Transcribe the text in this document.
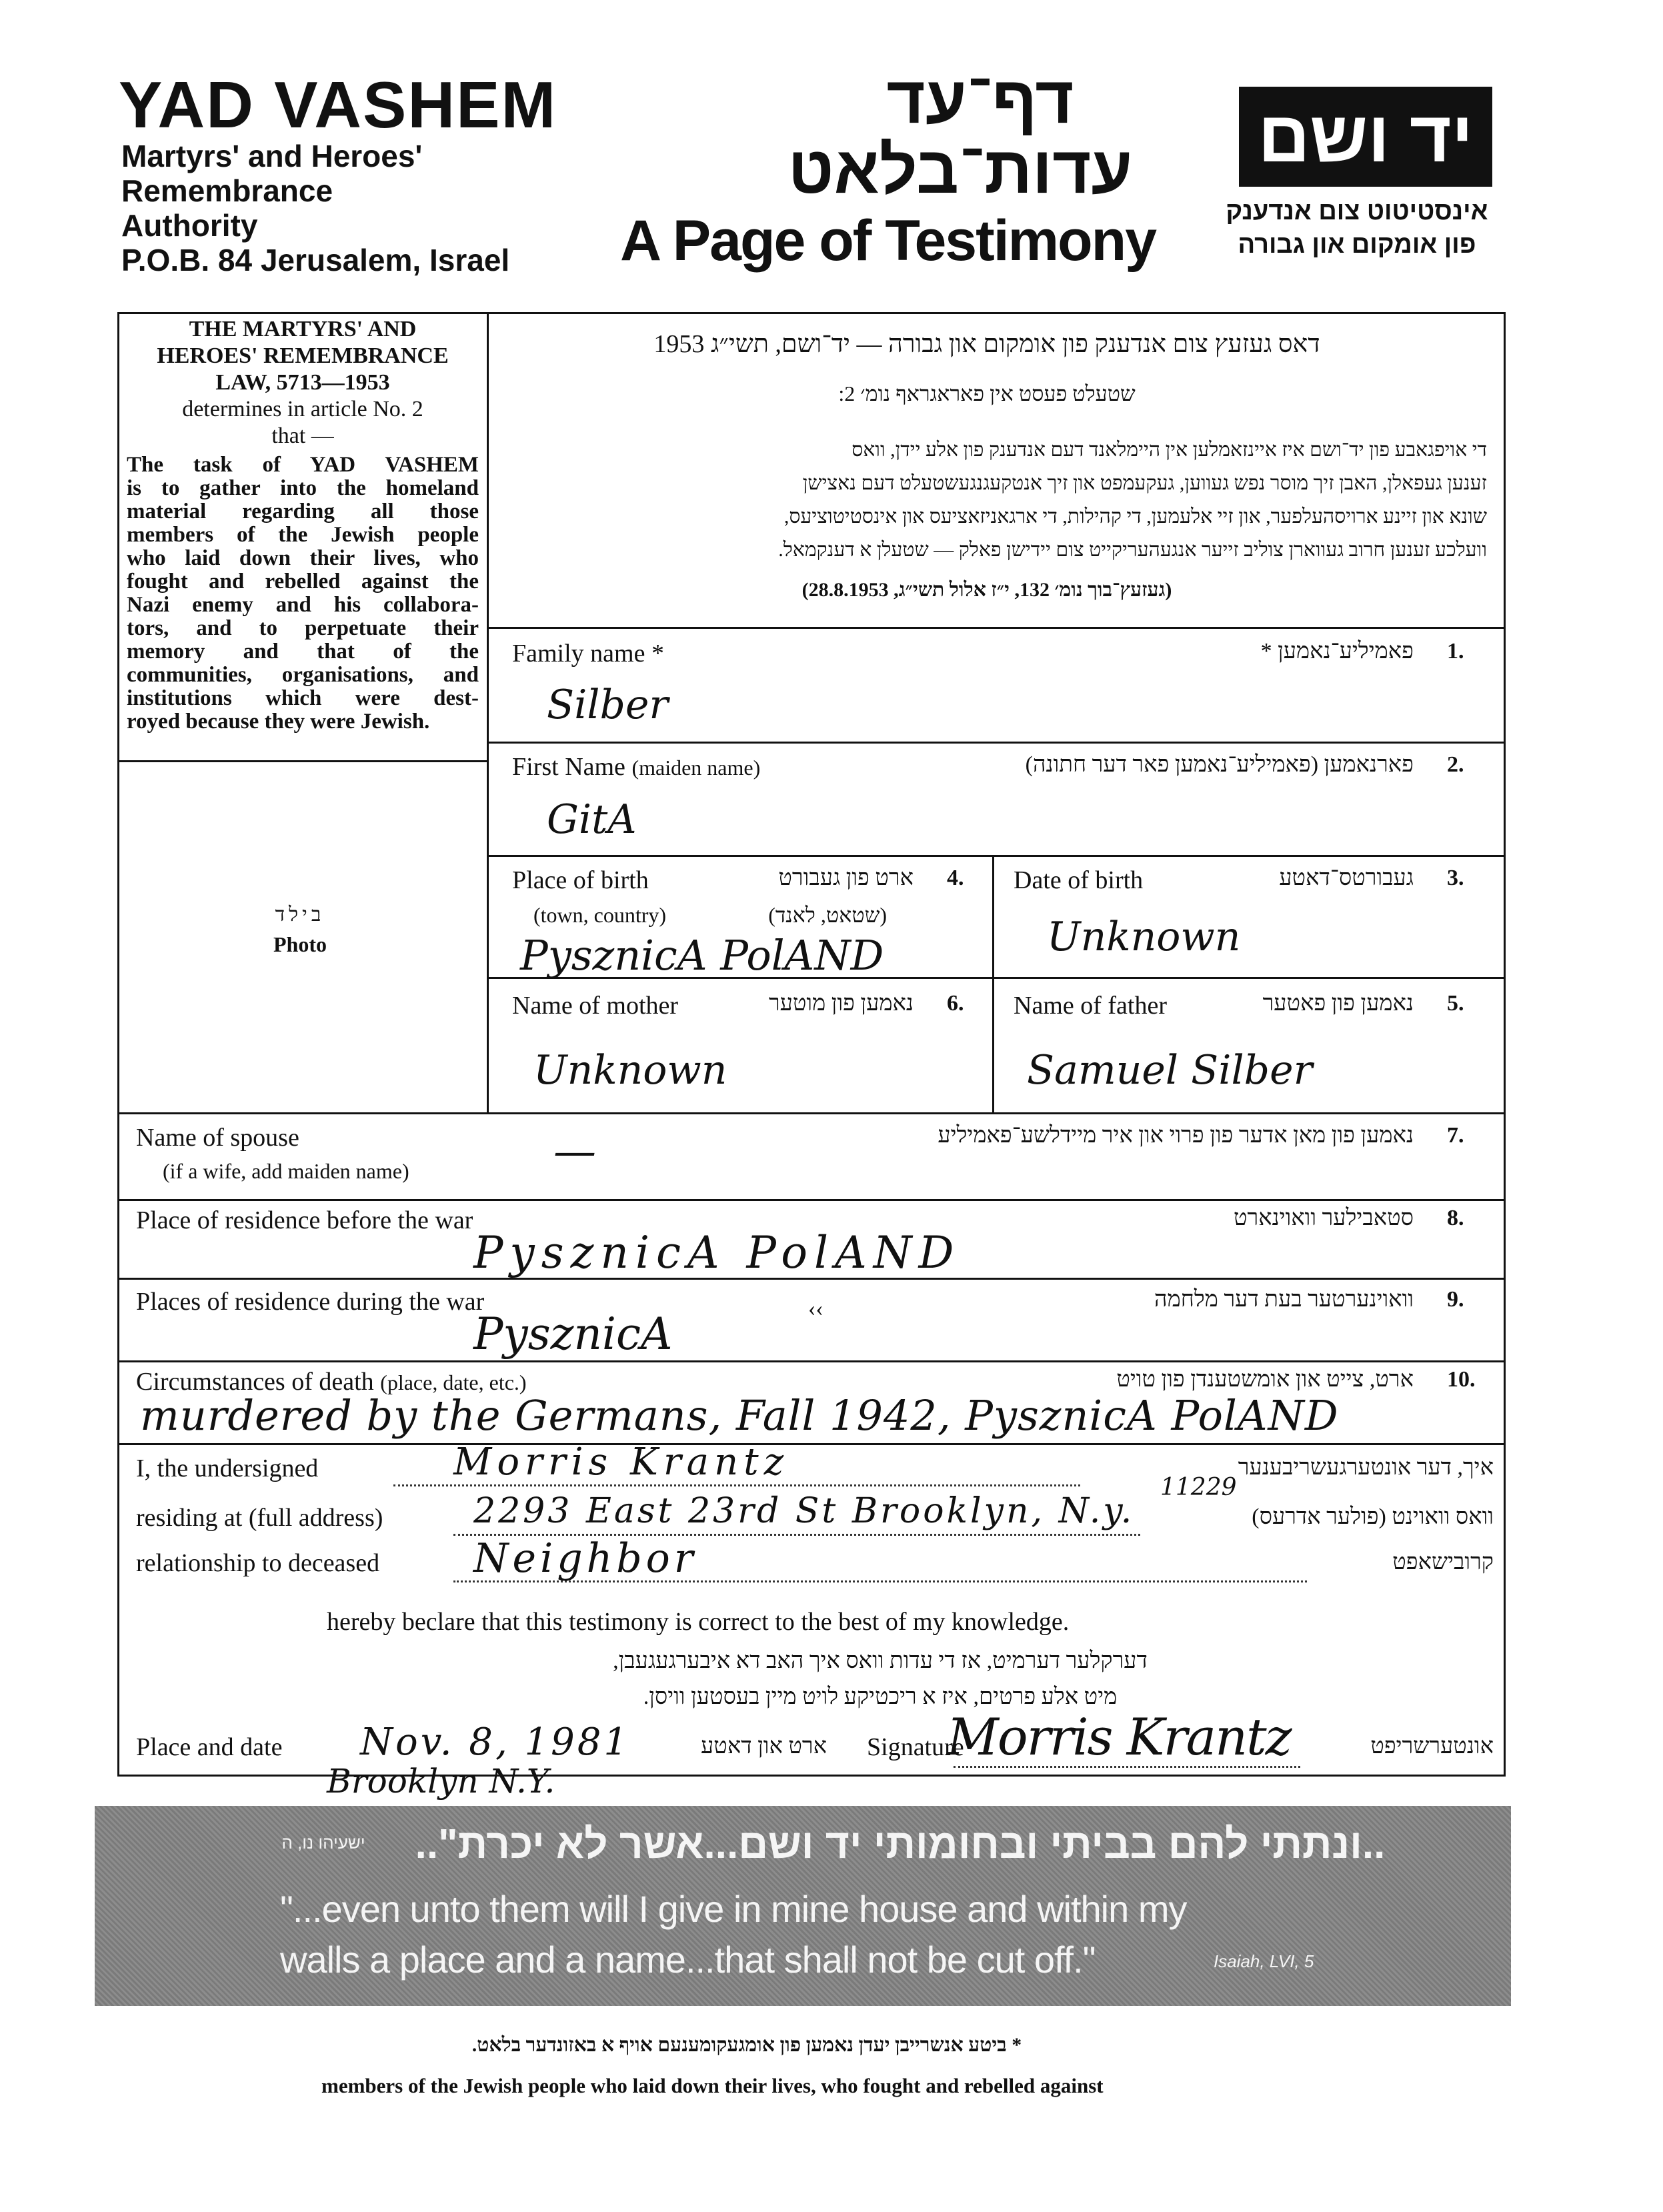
YAD VASHEM
Martyrs' and Heroes'
Remembrance
Authority
P.O.B. 84 Jerusalem, Israel
דף־עד
עדות־בלאט
A Page of Testimony
יד ושם
אינסטיטוט צום אנדענק
פון אומקום און גבורה
THE MARTYRS' AND
HEROES' REMEMBRANCE
LAW, 5713—1953
determines in article No. 2
that —
The task of YAD VASHEM
is to gather into the homeland
material regarding all those
members of the Jewish people
who laid down their lives, who
fought and rebelled against the
Nazi enemy and his collabora-
tors, and to perpetuate their
memory and that of the
communities, organisations, and
institutions which were dest-
royed because they were Jewish.
בילד
Photo
דאס געזעץ צום אנדענק פון אומקום און גבורה — יד־ושם, תשי״ג 1953
שטעלט פעסט אין פאראגראף נומ׳ 2:
די אויפגאבע פון יד־ושם איז איינזאמלען אין היימלאנד דעם אנדענק פון אלע יידן, וואס
זענען געפאלן, האבן זיך מוסר נפש געווען, געקעמפט און זיך אנטקעגנגעשטעלט דעם נאצישן
שונא און זיינע ארויסהעלפער, און זיי אלעמען, די קהילות, די ארגאניזאציעס און אינסטיטוציעס,
וועלכע זענען חרוב געווארן צוליב זייער אנגעהעריקייט צום יידישן פאלק — שטעלן א דענקמאל.
(געזעץ־בוך נומ׳ 132, י״ז אלול תשי״ג, 28.8.1953)
Family name *	פאמיליע־נאמען * 1.
Silber
First Name (maiden name)	פארנאמען (פאמיליע־נאמען פאר דער חתונה) 2.
GitA
Place of birth	ארט פון געבורט 4.
(town, country)	(שטאט, לאנד)
PysznicA PolAND
Date of birth	געבורטס־דאטע 3.
Unknown
Name of mother	נאמען פון מוטער 6.
Unknown
Name of father	נאמען פון פאטער 5.
Samuel Silber
Name of spouse
(if a wife, add maiden name)
נאמען פון מאן אדער פון פרוי און איר מיידלשע־פאמיליע 7.
—
Place of residence before the war	סטאבילער וואוינארט 8.
PysznicA PolAND
Places of residence during the war	וואוינערטער בעת דער מלחמה 9.
PysznicA	‹‹
Circumstances of death (place, date, etc.)	ארט, צייט און אומשטענדן פון טויט 10.
murdered by the Germans, Fall 1942, PysznicA PolAND
I, the undersigned	Morris Krantz	איך, דער אונטערגעשריבענער
residing at (full address)	2293 East 23rd St Brooklyn, N.y.
11229
וואס וואוינט (פולער אדרעס)
relationship to deceased Neighbor	קרובישאפט
hereby beclare that this testimony is correct to the best of my knowledge.
דערקלער דערמיט, אז די עדות וואס איך האב דא איבערגעגעבן,
מיט אלע פרטים, איז א ריכטיקע לויט מיין בעסטען וויסן.
Place and date Nov. 8, 1981
Brooklyn N.Y.
ארט און דאטע Signature
Morris Krantz	אונטערשריפט
..ונתתי להם בביתי ובחומותי יד ושם...אשר לא יכרת"..
ישעיהו נו, ה
"...even unto them will I give in mine house and within my
walls a place and a name...that shall not be cut off."	Isaiah, LVI, 5
* ביטע אנשרייבן יעדן נאמען פון אומגעקומענעם אויף א באזונדער בלאט.
members of the Jewish people who laid down their lives, who fought and rebelled against
